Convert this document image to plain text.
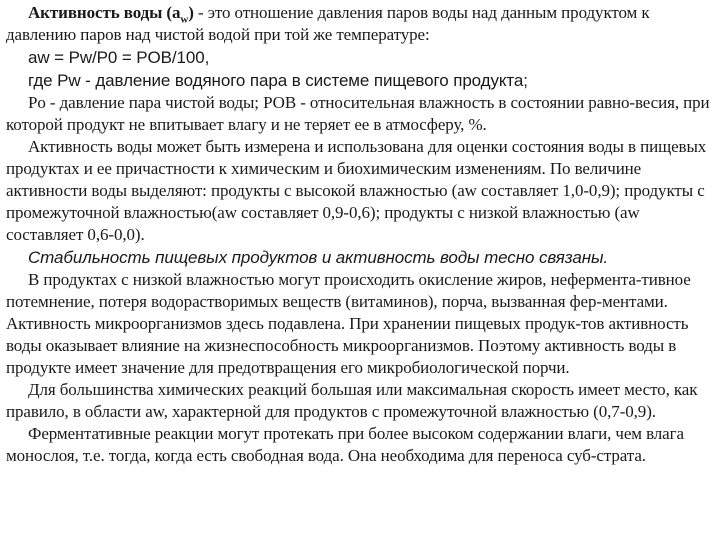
Активность воды $(a_w)$ - это отношение давления паров воды над данным продуктом к давлению паров над чистой водой при той же температуре:

aw = Pw/P0 = POB/100,

где Pw - давление водяного пара в системе пищевого продукта;

Po - давление пара чистой воды; РОВ - относительная влажность в состоянии равно-весия, при которой продукт не впитывает влагу и не теряет ее в атмосферу, %.

Активность воды может быть измерена и использована для оценки состояния воды в пищевых продуктах и ее причастности к химическим и биохимическим изменениям. По величине активности воды выделяют: продукты с высокой влажностью (aw составляет 1,0-0,9); продукты с промежуточной влажностью(aw составляет 0,9-0,6); продукты с низкой влажностью (aw составляет 0,6-0,0).

Стабильность пищевых продуктов и активность воды тесно связаны.

В продуктах с низкой влажностью могут происходить окисление жиров, нефермента-тивное потемнение, потеря водорастворимых веществ (витаминов), порча, вызванная фер-ментами. Активность микроорганизмов здесь подавлена. При хранении пищевых продук-тов активность воды оказывает влияние на жизнеспособность микроорганизмов. Поэтому активность воды в продукте имеет значение для предотвращения его микробиологической порчи.

Для большинства химических реакций большая или максимальная скорость имеет место, как правило, в области aw, характерной для продуктов с промежуточной влажностью (0,7-0,9).

Ферментативные реакции могут протекать при более высоком содержании влаги, чем влага монослоя, т.е. тогда, когда есть свободная вода. Она необходима для переноса суб-страта.
